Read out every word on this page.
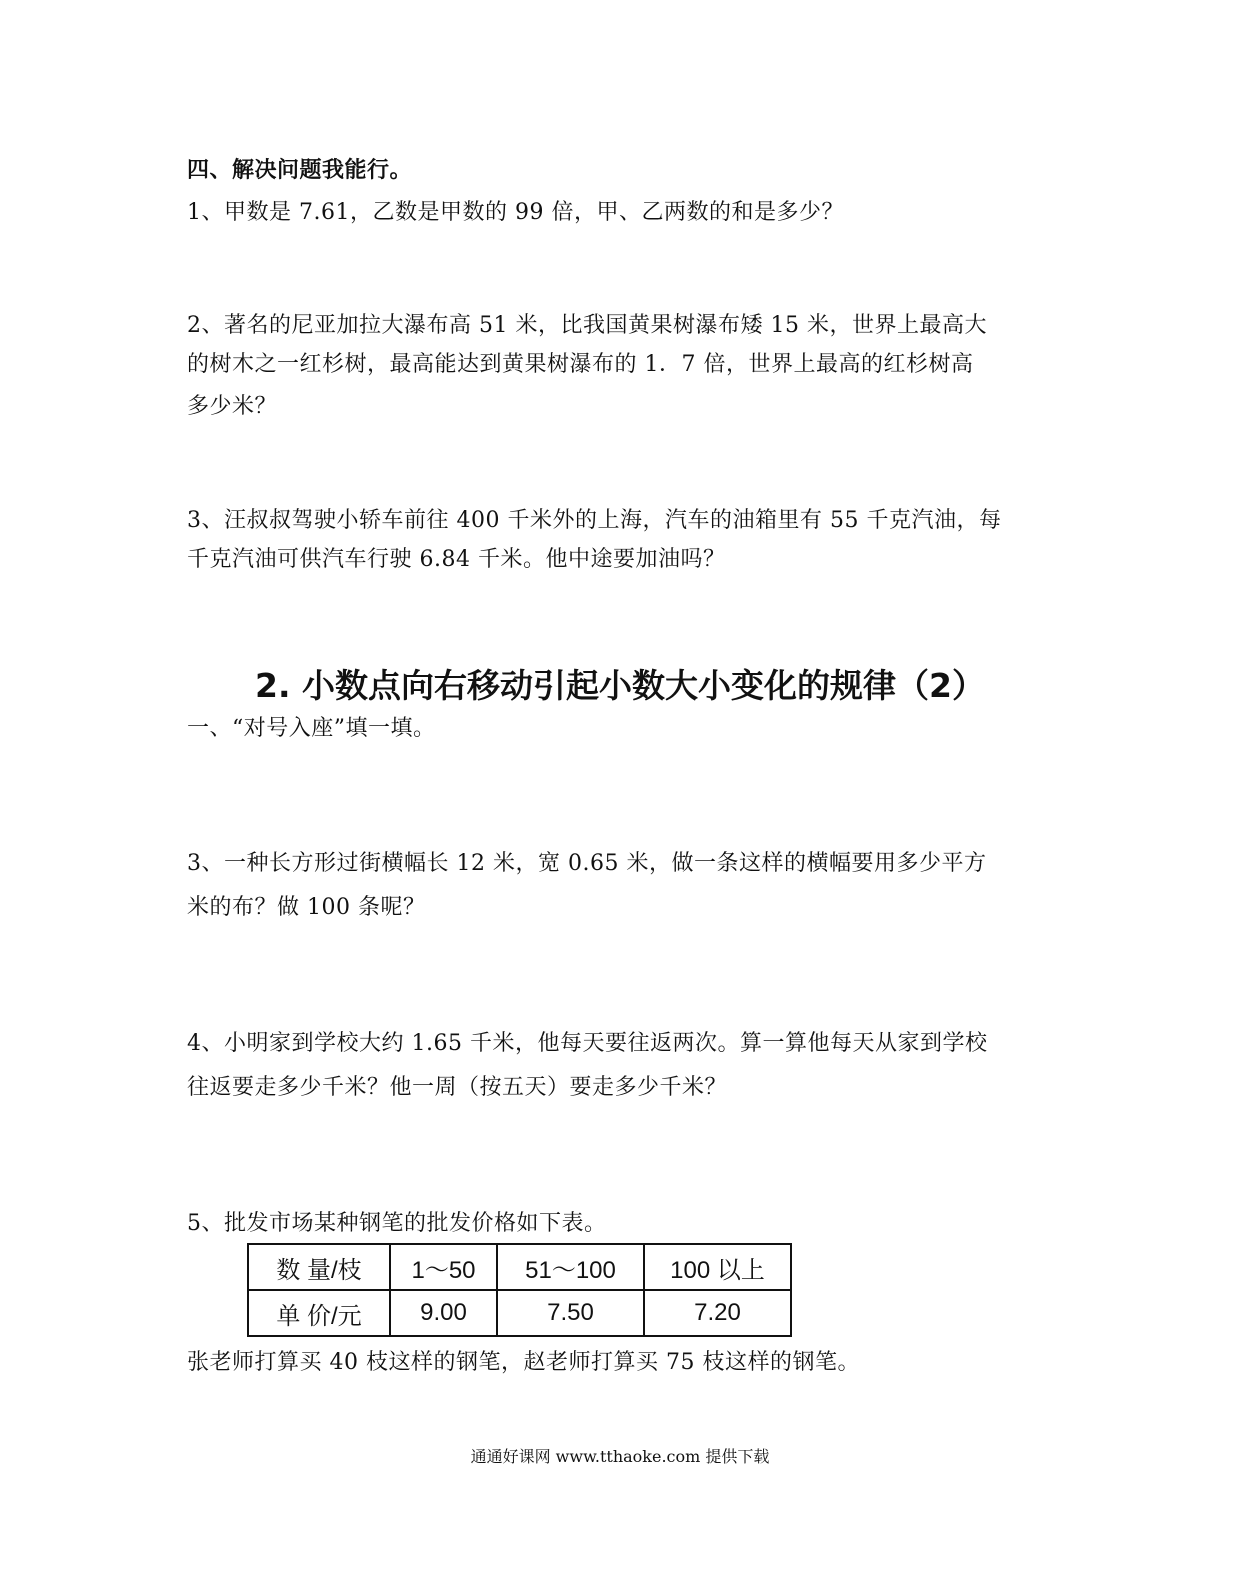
四、解决问题我能行。
1、甲数是 7.61，乙数是甲数的 99 倍，甲、乙两数的和是多少？
2、著名的尼亚加拉大瀑布高 51 米，比我国黄果树瀑布矮 15 米，世界上最高大
的树木之一红杉树，最高能达到黄果树瀑布的 1．7 倍，世界上最高的红杉树高
多少米？
3、汪叔叔驾驶小轿车前往 400 千米外的上海，汽车的油箱里有 55 千克汽油，每
千克汽油可供汽车行驶 6.84 千米。他中途要加油吗？
2. 小数点向右移动引起小数大小变化的规律（2）
一、“对号入座”填一填。
3、一种长方形过街横幅长 12 米，宽 0.65 米，做一条这样的横幅要用多少平方
米的布？做 100 条呢？
4、小明家到学校大约 1.65 千米，他每天要往返两次。算一算他每天从家到学校
往返要走多少千米？他一周（按五天）要走多少千米？
5、批发市场某种钢笔的批发价格如下表。
数 量/枝	1～50	51～100	100 以上
单 价/元	9.00	7.50	7.20
张老师打算买 40 枝这样的钢笔，赵老师打算买 75 枝这样的钢笔。
通通好课网 www.tthaoke.com 提供下载
